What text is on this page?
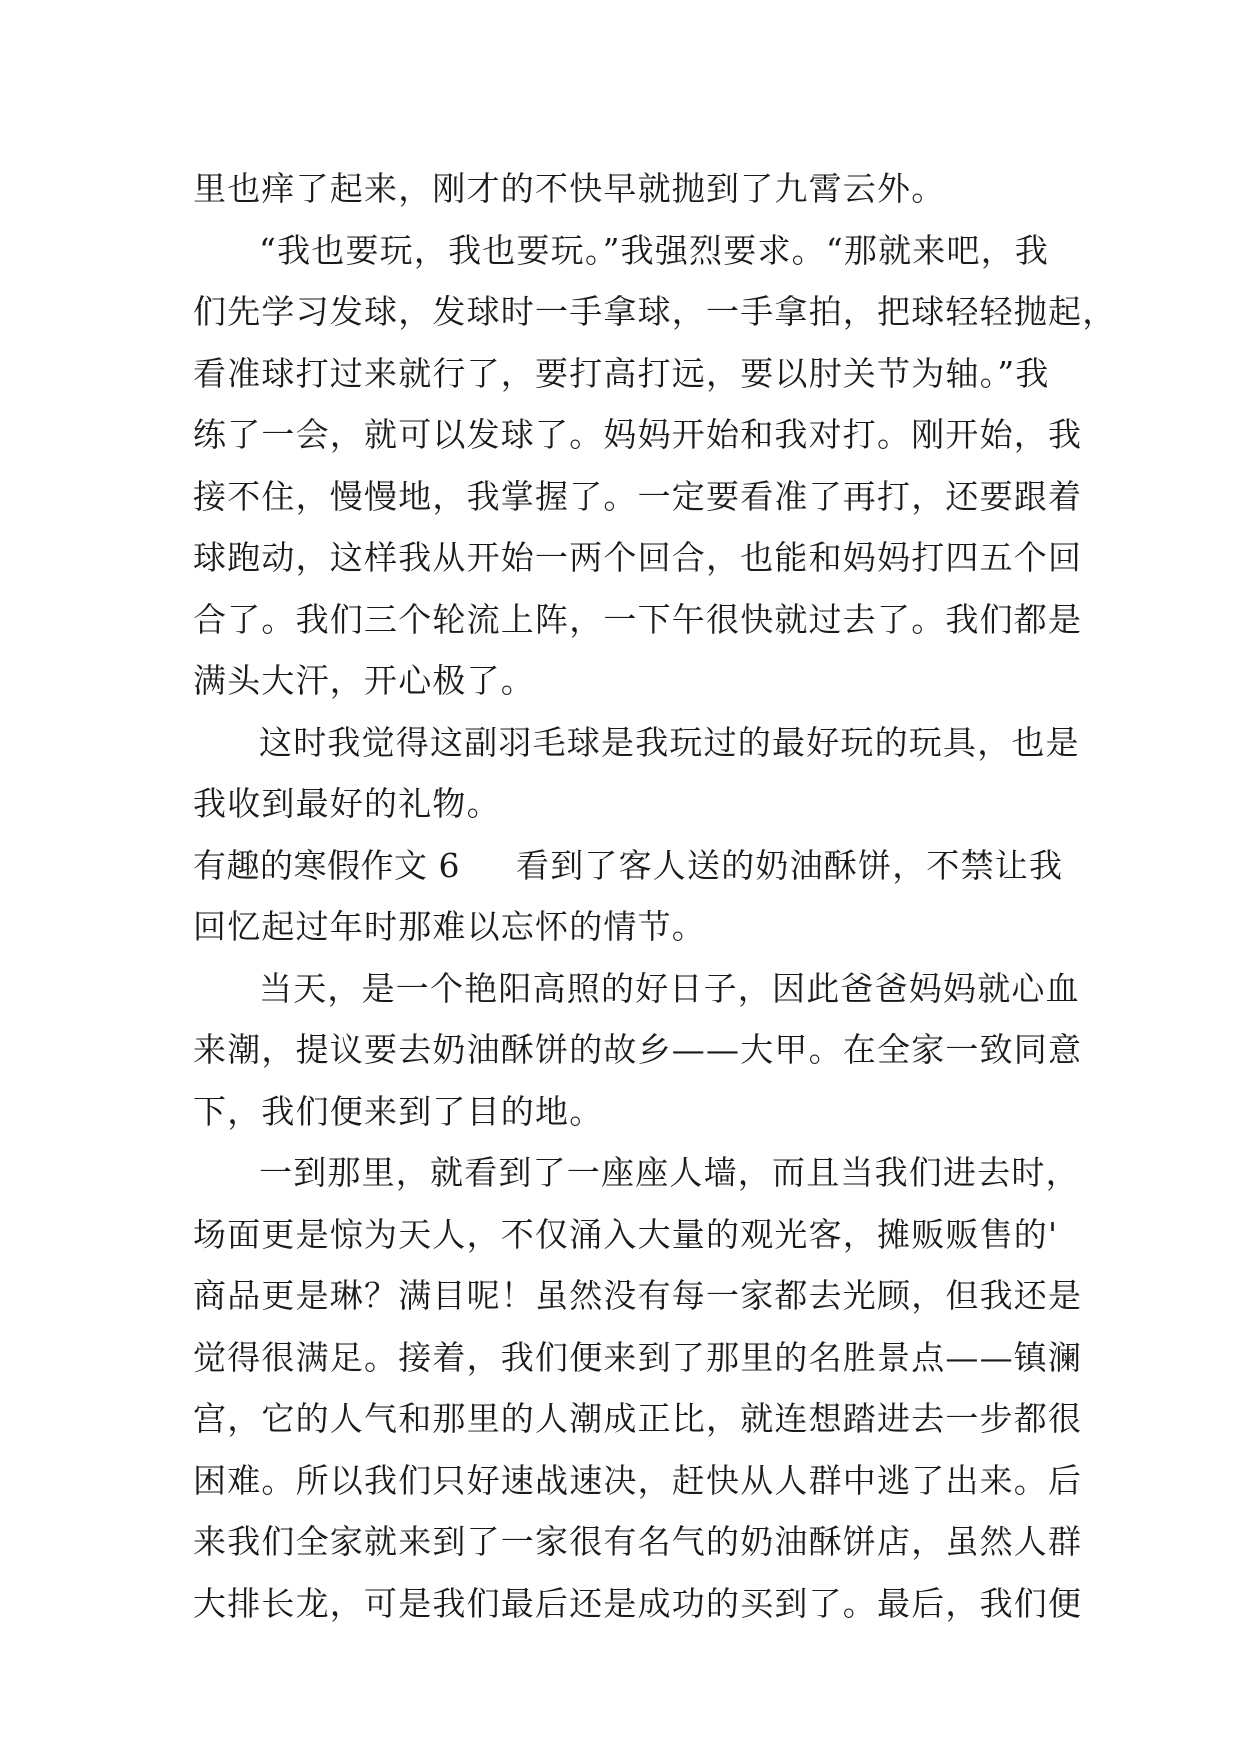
里也痒了起来，刚才的不快早就抛到了九霄云外。
“我也要玩，我也要玩。”我强烈要求。“那就来吧，我
们先学习发球，发球时一手拿球，一手拿拍，把球轻轻抛起，
看准球打过来就行了，要打高打远，要以肘关节为轴。”我
练了一会，就可以发球了。妈妈开始和我对打。刚开始，我
接不住，慢慢地，我掌握了。一定要看准了再打，还要跟着
球跑动，这样我从开始一两个回合，也能和妈妈打四五个回
合了。我们三个轮流上阵，一下午很快就过去了。我们都是
满头大汗，开心极了。
这时我觉得这副羽毛球是我玩过的最好玩的玩具，也是
我收到最好的礼物。
有趣的寒假作文 6 看到了客人送的奶油酥饼，不禁让我
回忆起过年时那难以忘怀的情节。
当天，是一个艳阳高照的好日子，因此爸爸妈妈就心血
来潮，提议要去奶油酥饼的故乡——大甲。在全家一致同意
下，我们便来到了目的地。
一到那里，就看到了一座座人墙，而且当我们进去时，
场面更是惊为天人，不仅涌入大量的观光客，摊贩贩售的'
商品更是琳？满目呢！虽然没有每一家都去光顾，但我还是
觉得很满足。接着，我们便来到了那里的名胜景点——镇澜
宫，它的人气和那里的人潮成正比，就连想踏进去一步都很
困难。所以我们只好速战速决，赶快从人群中逃了出来。后
来我们全家就来到了一家很有名气的奶油酥饼店，虽然人群
大排长龙，可是我们最后还是成功的买到了。最后，我们便
